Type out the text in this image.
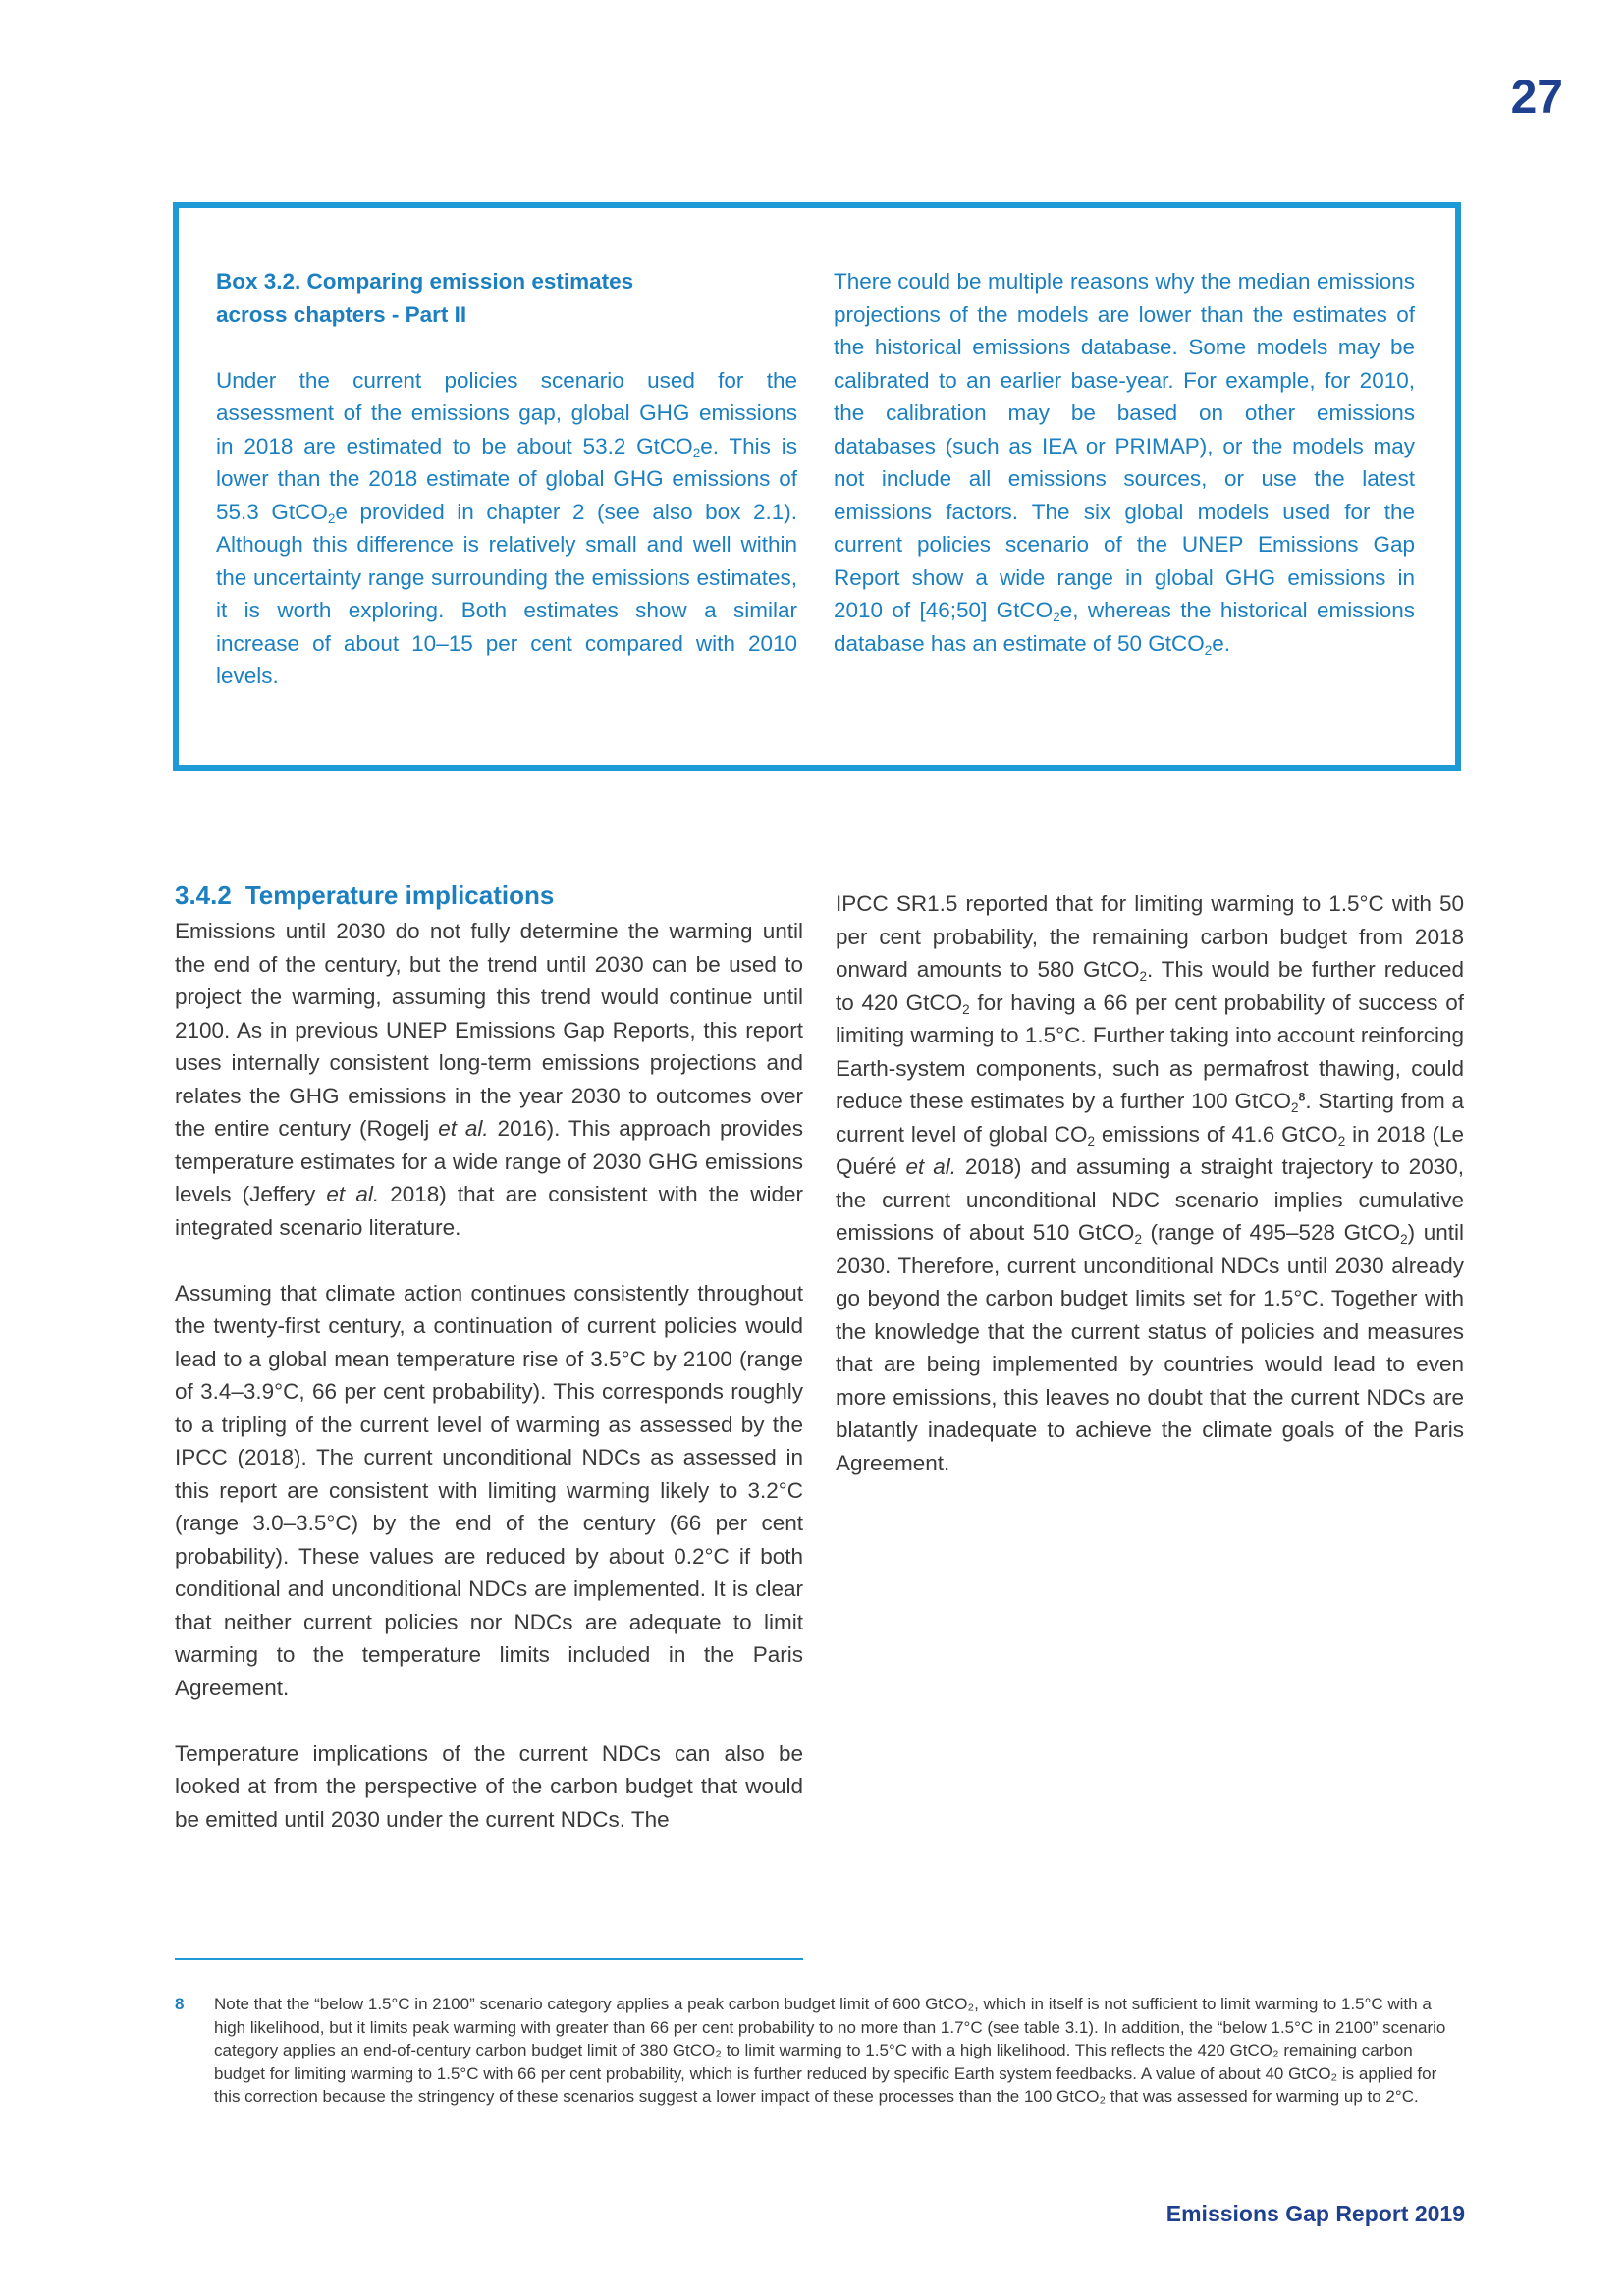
27
Box 3.2. Comparing emission estimates
across chapters - Part II

Under the current policies scenario used for the assessment of the emissions gap, global GHG emissions in 2018 are estimated to be about 53.2 GtCO$_2$e. This is lower than the 2018 estimate of global GHG emissions of 55.3 GtCO$_2$e provided in chapter 2 (see also box 2.1). Although this difference is relatively small and well within the uncertainty range surrounding the emissions estimates, it is worth exploring. Both estimates show a similar increase of about 10–15 per cent compared with 2010 levels.

There could be multiple reasons why the median emissions projections of the models are lower than the estimates of the historical emissions database. Some models may be calibrated to an earlier base-year. For example, for 2010, the calibration may be based on other emissions databases (such as IEA or PRIMAP), or the models may not include all emissions sources, or use the latest emissions factors. The six global models used for the current policies scenario of the UNEP Emissions Gap Report show a wide range in global GHG emissions in 2010 of [46;50] GtCO$_2$e, whereas the historical emissions database has an estimate of 50 GtCO$_2$e.

3.4.2 Temperature implications

Emissions until 2030 do not fully determine the warming until the end of the century, but the trend until 2030 can be used to project the warming, assuming this trend would continue until 2100. As in previous UNEP Emissions Gap Reports, this report uses internally consistent long-term emissions projections and relates the GHG emissions in the year 2030 to outcomes over the entire century (Rogelj et al. 2016). This approach provides temperature estimates for a wide range of 2030 GHG emissions levels (Jeffery et al. 2018) that are consistent with the wider integrated scenario literature.

Assuming that climate action continues consistently throughout the twenty-first century, a continuation of current policies would lead to a global mean temperature rise of 3.5°C by 2100 (range of 3.4–3.9°C, 66 per cent probability). This corresponds roughly to a tripling of the current level of warming as assessed by the IPCC (2018). The current unconditional NDCs as assessed in this report are consistent with limiting warming likely to 3.2°C (range 3.0–3.5°C) by the end of the century (66 per cent probability). These values are reduced by about 0.2°C if both conditional and unconditional NDCs are implemented. It is clear that neither current policies nor NDCs are adequate to limit warming to the temperature limits included in the Paris Agreement.

Temperature implications of the current NDCs can also be looked at from the perspective of the carbon budget that would be emitted until 2030 under the current NDCs. The

IPCC SR1.5 reported that for limiting warming to 1.5°C with 50 per cent probability, the remaining carbon budget from 2018 onward amounts to 580 GtCO$_2$. This would be further reduced to 420 GtCO$_2$ for having a 66 per cent probability of success of limiting warming to 1.5°C. Further taking into account reinforcing Earth-system components, such as permafrost thawing, could reduce these estimates by a further 100 GtCO$_2^8$. Starting from a current level of global $CO_2$ emissions of 41.6 GtCO$_2$ in 2018 (Le Quéré et al. 2018) and assuming a straight trajectory to 2030, the current unconditional NDC scenario implies cumulative emissions of about 510 GtCO$_2$ (range of 495–528 GtCO$_2$) until 2030. Therefore, current unconditional NDCs until 2030 already go beyond the carbon budget limits set for 1.5°C. Together with the knowledge that the current status of policies and measures that are being implemented by countries would lead to even more emissions, this leaves no doubt that the current NDCs are blatantly inadequate to achieve the climate goals of the Paris Agreement.

8 Note that the “below 1.5°C in 2100” scenario category applies a peak carbon budget limit of 600 GtCO₂, which in itself is not sufficient to limit warming to 1.5°C with a high likelihood, but it limits peak warming with greater than 66 per cent probability to no more than 1.7°C (see table 3.1). In addition, the “below 1.5°C in 2100” scenario category applies an end-of-century carbon budget limit of 380 GtCO₂ to limit warming to 1.5°C with a high likelihood. This reflects the 420 GtCO₂ remaining carbon budget for limiting warming to 1.5°C with 66 per cent probability, which is further reduced by specific Earth system feedbacks. A value of about 40 GtCO₂ is applied for this correction because the stringency of these scenarios suggest a lower impact of these processes than the 100 GtCO₂ that was assessed for warming up to 2°C.
Emissions Gap Report 2019
